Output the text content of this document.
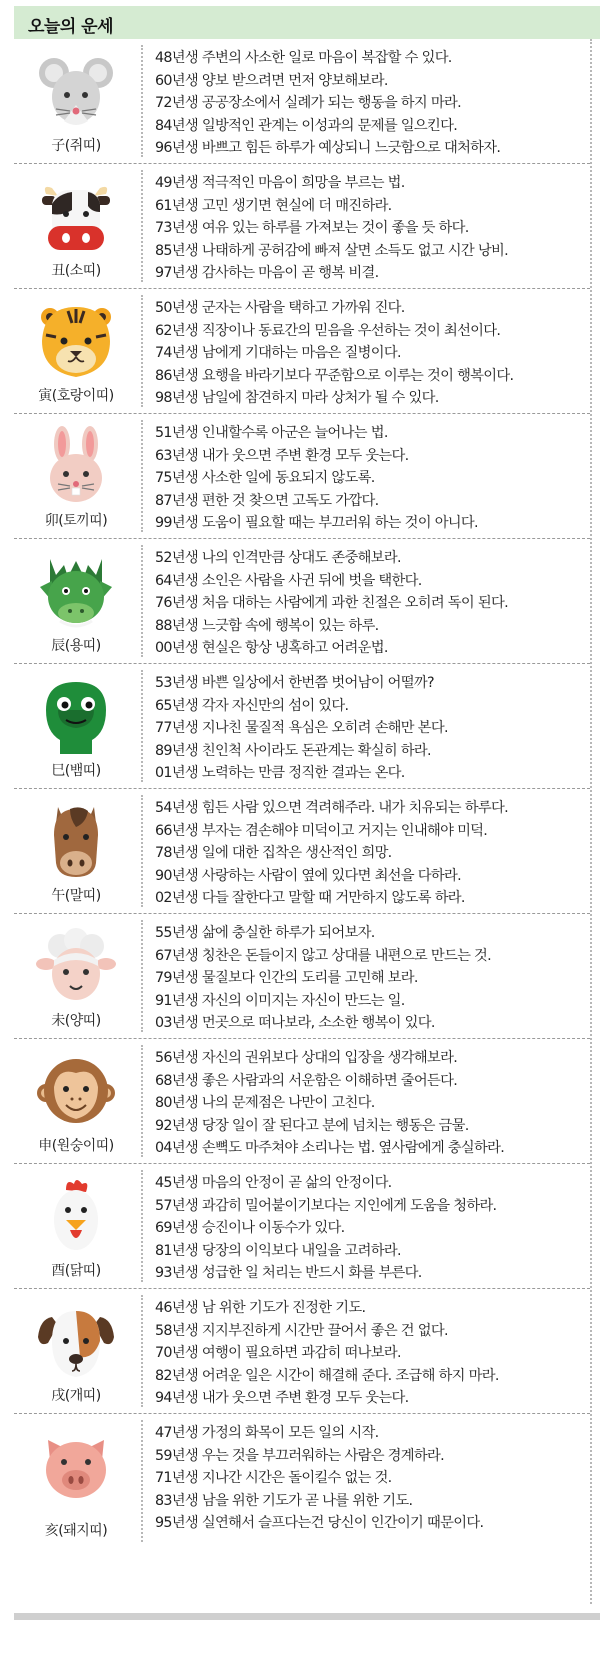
오늘의 운세
子(쥐띠)
48년생 주변의 사소한 일로 마음이 복잡할 수 있다.
60년생 양보 받으려면 먼저 양보해보라.
72년생 공공장소에서 실례가 되는 행동을 하지 마라.
84년생 일방적인 관계는 이성과의 문제를 일으킨다.
96년생 바쁘고 힘든 하루가 예상되니 느긋함으로 대처하자.
丑(소띠)
49년생 적극적인 마음이 희망을 부르는 법.
61년생 고민 생기면 현실에 더 매진하라.
73년생 여유 있는 하루를 가져보는 것이 좋을 듯 하다.
85년생 나태하게 공허감에 빠져 살면 소득도 없고 시간 낭비.
97년생 감사하는 마음이 곧 행복 비결.
寅(호랑이띠)
50년생 군자는 사람을 택하고 가까워 진다.
62년생 직장이나 동료간의 믿음을 우선하는 것이 최선이다.
74년생 남에게 기대하는 마음은 질병이다.
86년생 요행을 바라기보다 꾸준함으로 이루는 것이 행복이다.
98년생 남일에 참견하지 마라 상처가 될 수 있다.
卯(토끼띠)
51년생 인내할수록 아군은 늘어나는 법.
63년생 내가 웃으면 주변 환경 모두 웃는다.
75년생 사소한 일에 동요되지 않도록.
87년생 편한 것 찾으면 고독도 가깝다.
99년생 도움이 필요할 때는 부끄러워 하는 것이 아니다.
辰(용띠)
52년생 나의 인격만큼 상대도 존중해보라.
64년생 소인은 사람을 사귄 뒤에 벗을 택한다.
76년생 처음 대하는 사람에게 과한 친절은 오히려 독이 된다.
88년생 느긋함 속에 행복이 있는 하루.
00년생 현실은 항상 냉혹하고 어려운법.
巳(뱀띠)
53년생 바쁜 일상에서 한번쯤 벗어남이 어떨까?
65년생 각자 자신만의 섬이 있다.
77년생 지나친 물질적 욕심은 오히려 손해만 본다.
89년생 친인척 사이라도 돈관계는 확실히 하라.
01년생 노력하는 만큼 정직한 결과는 온다.
午(말띠)
54년생 힘든 사람 있으면 격려해주라. 내가 치유되는 하루다.
66년생 부자는 겸손해야 미덕이고 거지는 인내해야 미덕.
78년생 일에 대한 집착은 생산적인 희망.
90년생 사랑하는 사람이 옆에 있다면 최선을 다하라.
02년생 다들 잘한다고 말할 때 거만하지 않도록 하라.
未(양띠)
55년생 삶에 충실한 하루가 되어보자.
67년생 칭찬은 돈들이지 않고 상대를 내편으로 만드는 것.
79년생 물질보다 인간의 도리를 고민해 보라.
91년생 자신의 이미지는 자신이 만드는 일.
03년생 먼곳으로 떠나보라, 소소한 행복이 있다.
申(원숭이띠)
56년생 자신의 권위보다 상대의 입장을 생각해보라.
68년생 좋은 사람과의 서운함은 이해하면 줄어든다.
80년생 나의 문제점은 나만이 고친다.
92년생 당장 일이 잘 된다고 분에 넘치는 행동은 금물.
04년생 손뼉도 마주쳐야 소리나는 법. 옆사람에게 충실하라.
酉(닭띠)
45년생 마음의 안정이 곧 삶의 안정이다.
57년생 과감히 밀어붙이기보다는 지인에게 도움을 청하라.
69년생 승진이나 이동수가 있다.
81년생 당장의 이익보다 내일을 고려하라.
93년생 성급한 일 처리는 반드시 화를 부른다.
戌(개띠)
46년생 남 위한 기도가 진정한 기도.
58년생 지지부진하게 시간만 끌어서 좋은 건 없다.
70년생 여행이 필요하면 과감히 떠나보라.
82년생 어려운 일은 시간이 해결해 준다. 조급해 하지 마라.
94년생 내가 웃으면 주변 환경 모두 웃는다.
亥(돼지띠)
47년생 가정의 화목이 모든 일의 시작.
59년생 우는 것을 부끄러워하는 사람은 경계하라.
71년생 지나간 시간은 돌이킬수 없는 것.
83년생 남을 위한 기도가 곧 나를 위한 기도.
95년생 실연해서 슬프다는건 당신이 인간이기 때문이다.
